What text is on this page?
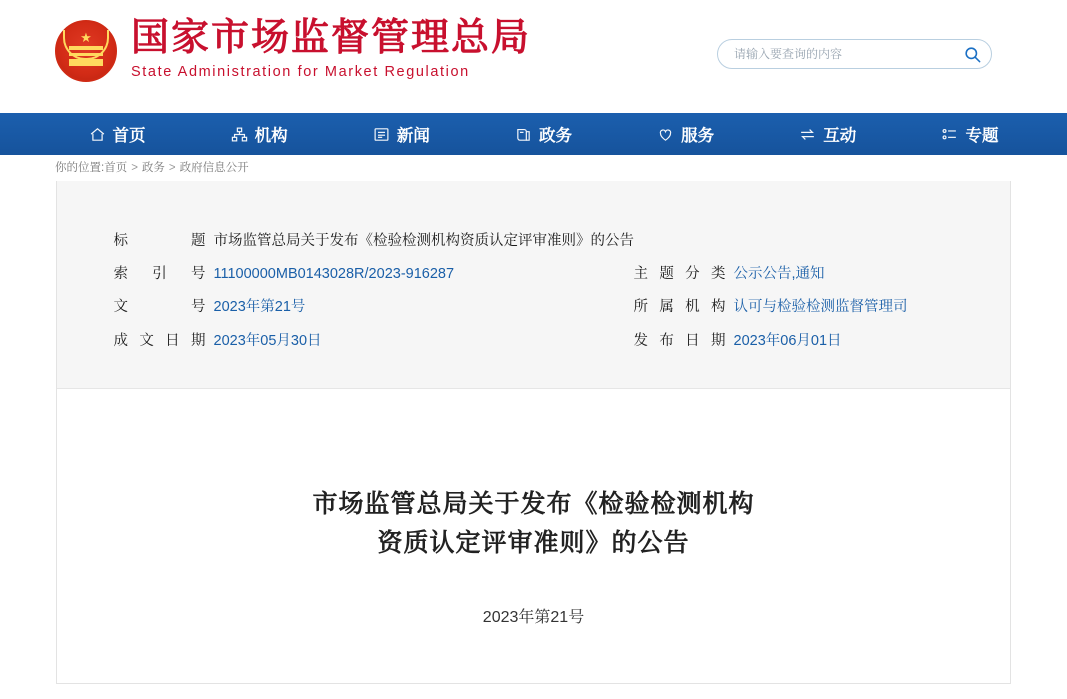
★ 国家市场监督管理总局
State Administration for Market Regulation
请输入要查询的内容
首页	机构	新闻	政务	服务	互动	专题
你的位置:首页 > 政务 > 政府信息公开
标题	市场监管总局关于发布《检验检测机构资质认定评审准则》的公告		
索引号	11100000MB0143028R/2023-916287	主题分类	公示公告,通知
文号	2023年第21号	所属机构	认可与检验检测监督管理司
成文日期	2023年05月30日	发布日期	2023年06月01日
市场监管总局关于发布《检验检测机构
资质认定评审准则》的公告
2023年第21号
